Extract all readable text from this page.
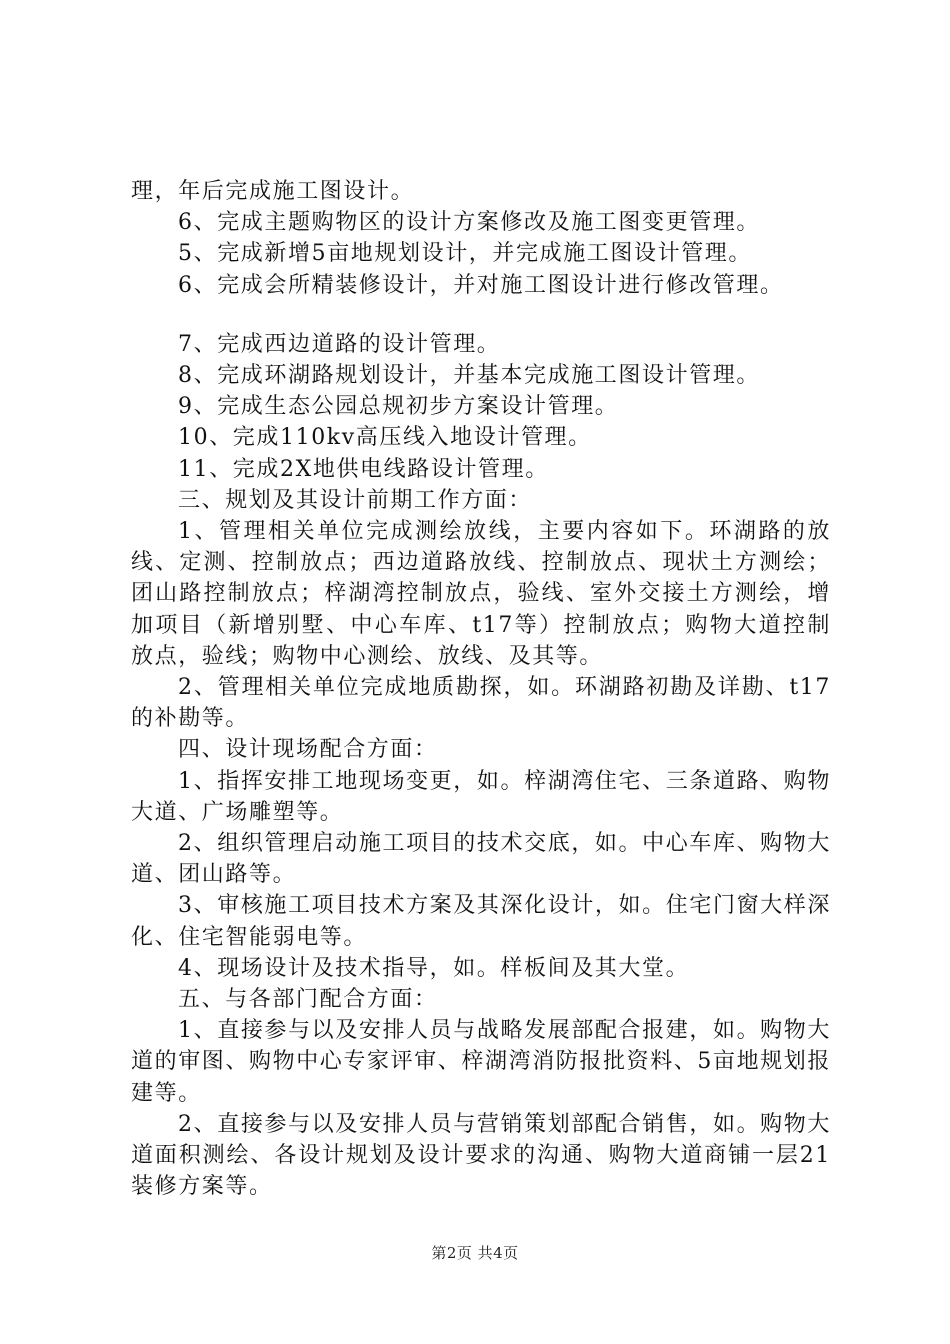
理，年后完成施工图设计。

6、完成主题购物区的设计方案修改及施工图变更管理。

5、完成新增5亩地规划设计，并完成施工图设计管理。

6、完成会所精装修设计，并对施工图设计进行修改管理。

7、完成西边道路的设计管理。

8、完成环湖路规划设计，并基本完成施工图设计管理。

9、完成生态公园总规初步方案设计管理。

10、完成110kv高压线入地设计管理。

11、完成2X地供电线路设计管理。

三、规划及其设计前期工作方面：

1、管理相关单位完成测绘放线，主要内容如下。环湖路的放线、定测、控制放点；西边道路放线、控制放点、现状土方测绘；团山路控制放点；梓湖湾控制放点，验线、室外交接土方测绘，增加项目（新增别墅、中心车库、t17等）控制放点；购物大道控制放点，验线；购物中心测绘、放线、及其等。

2、管理相关单位完成地质勘探，如。环湖路初勘及详勘、t17的补勘等。

四、设计现场配合方面：

1、指挥安排工地现场变更，如。梓湖湾住宅、三条道路、购物大道、广场雕塑等。

2、组织管理启动施工项目的技术交底，如。中心车库、购物大道、团山路等。

3、审核施工项目技术方案及其深化设计，如。住宅门窗大样深化、住宅智能弱电等。

4、现场设计及技术指导，如。样板间及其大堂。

五、与各部门配合方面：

1、直接参与以及安排人员与战略发展部配合报建，如。购物大道的审图、购物中心专家评审、梓湖湾消防报批资料、5亩地规划报建等。

2、直接参与以及安排人员与营销策划部配合销售，如。购物大道面积测绘、各设计规划及设计要求的沟通、购物大道商铺一层21装修方案等。

第2页 共4页
